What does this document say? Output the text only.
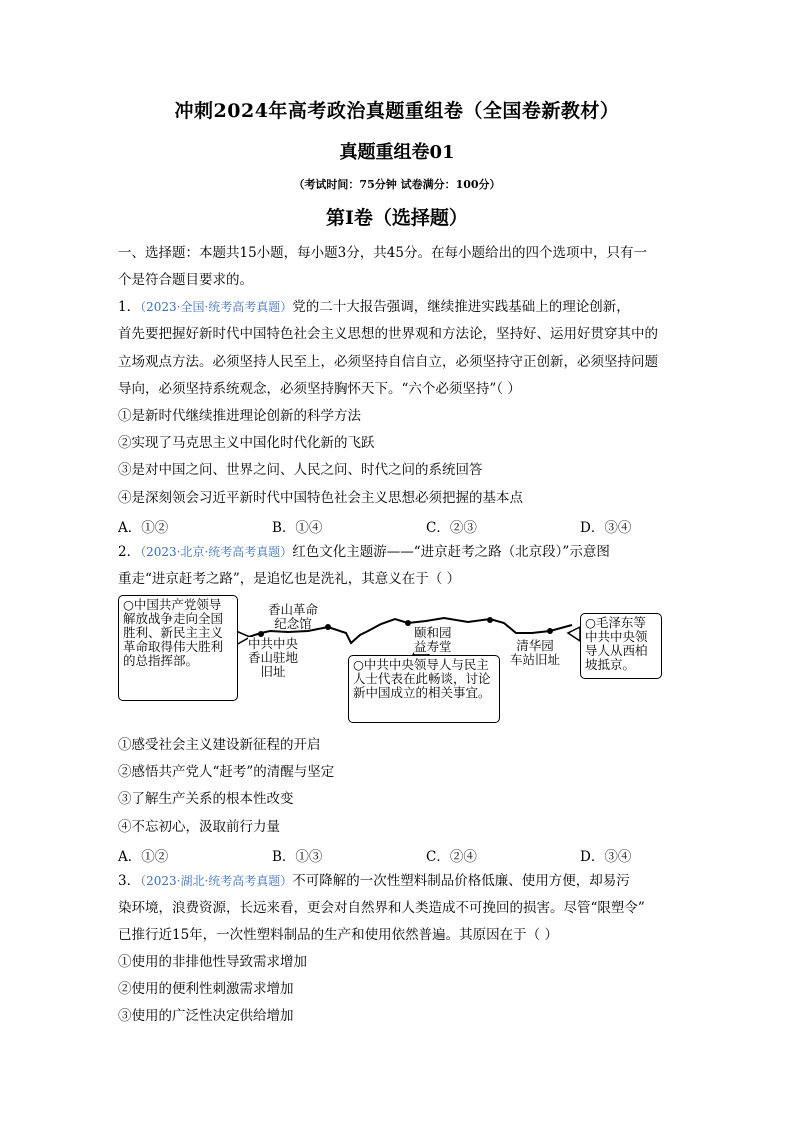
冲刺2024年高考政治真题重组卷（全国卷新教材）
真题重组卷01
（考试时间：75分钟 试卷满分：100分）
第I卷（选择题）
一、选择题：本题共15小题，每小题3分，共45分。在每小题给出的四个选项中，只有一
个是符合题目要求的。
1．（2023·全国·统考高考真题）党的二十大报告强调，继续推进实践基础上的理论创新，
首先要把握好新时代中国特色社会主义思想的世界观和方法论，坚持好、运用好贯穿其中的
立场观点方法。必须坚持人民至上，必须坚持自信自立，必须坚持守正创新，必须坚持问题
导向，必须坚持系统观念，必须坚持胸怀天下。“六个必须坚持”（ ）
①是新时代继续推进理论创新的科学方法
②实现了马克思主义中国化时代化新的飞跃
③是对中国之问、世界之问、人民之问、时代之问的系统回答
④是深刻领会习近平新时代中国特色社会主义思想必须把握的基本点
A．①②	B．①④	C．②③	D．③④
2．（2023·北京·统考高考真题）红色文化主题游——“进京赶考之路（北京段）”示意图
重走“进京赶考之路”，是追忆也是洗礼，其意义在于（ ）
○中国共产党领导解放战争走向全国胜利、新民主主义革命取得伟大胜利的总指挥部。
○毛泽东等中共中央领导人从西柏坡抵京。
○中共中央领导人与民主人士代表在此畅谈，讨论新中国成立的相关事宜。
香山革命
纪念馆
中共中央
香山驻地
旧址
颐和园
益寿堂	清华园
车站旧址
①感受社会主义建设新征程的开启
②感悟共产党人“赶考”的清醒与坚定
③了解生产关系的根本性改变
④不忘初心，汲取前行力量
A．①②	B．①③	C．②④	D．③④
3．（2023·湖北·统考高考真题）不可降解的一次性塑料制品价格低廉、使用方便，却易污
染环境，浪费资源，长远来看，更会对自然界和人类造成不可挽回的损害。尽管“限塑令”
已推行近15年，一次性塑料制品的生产和使用依然普遍。其原因在于（ ）
①使用的非排他性导致需求增加
②使用的便利性刺激需求增加
③使用的广泛性决定供给增加
